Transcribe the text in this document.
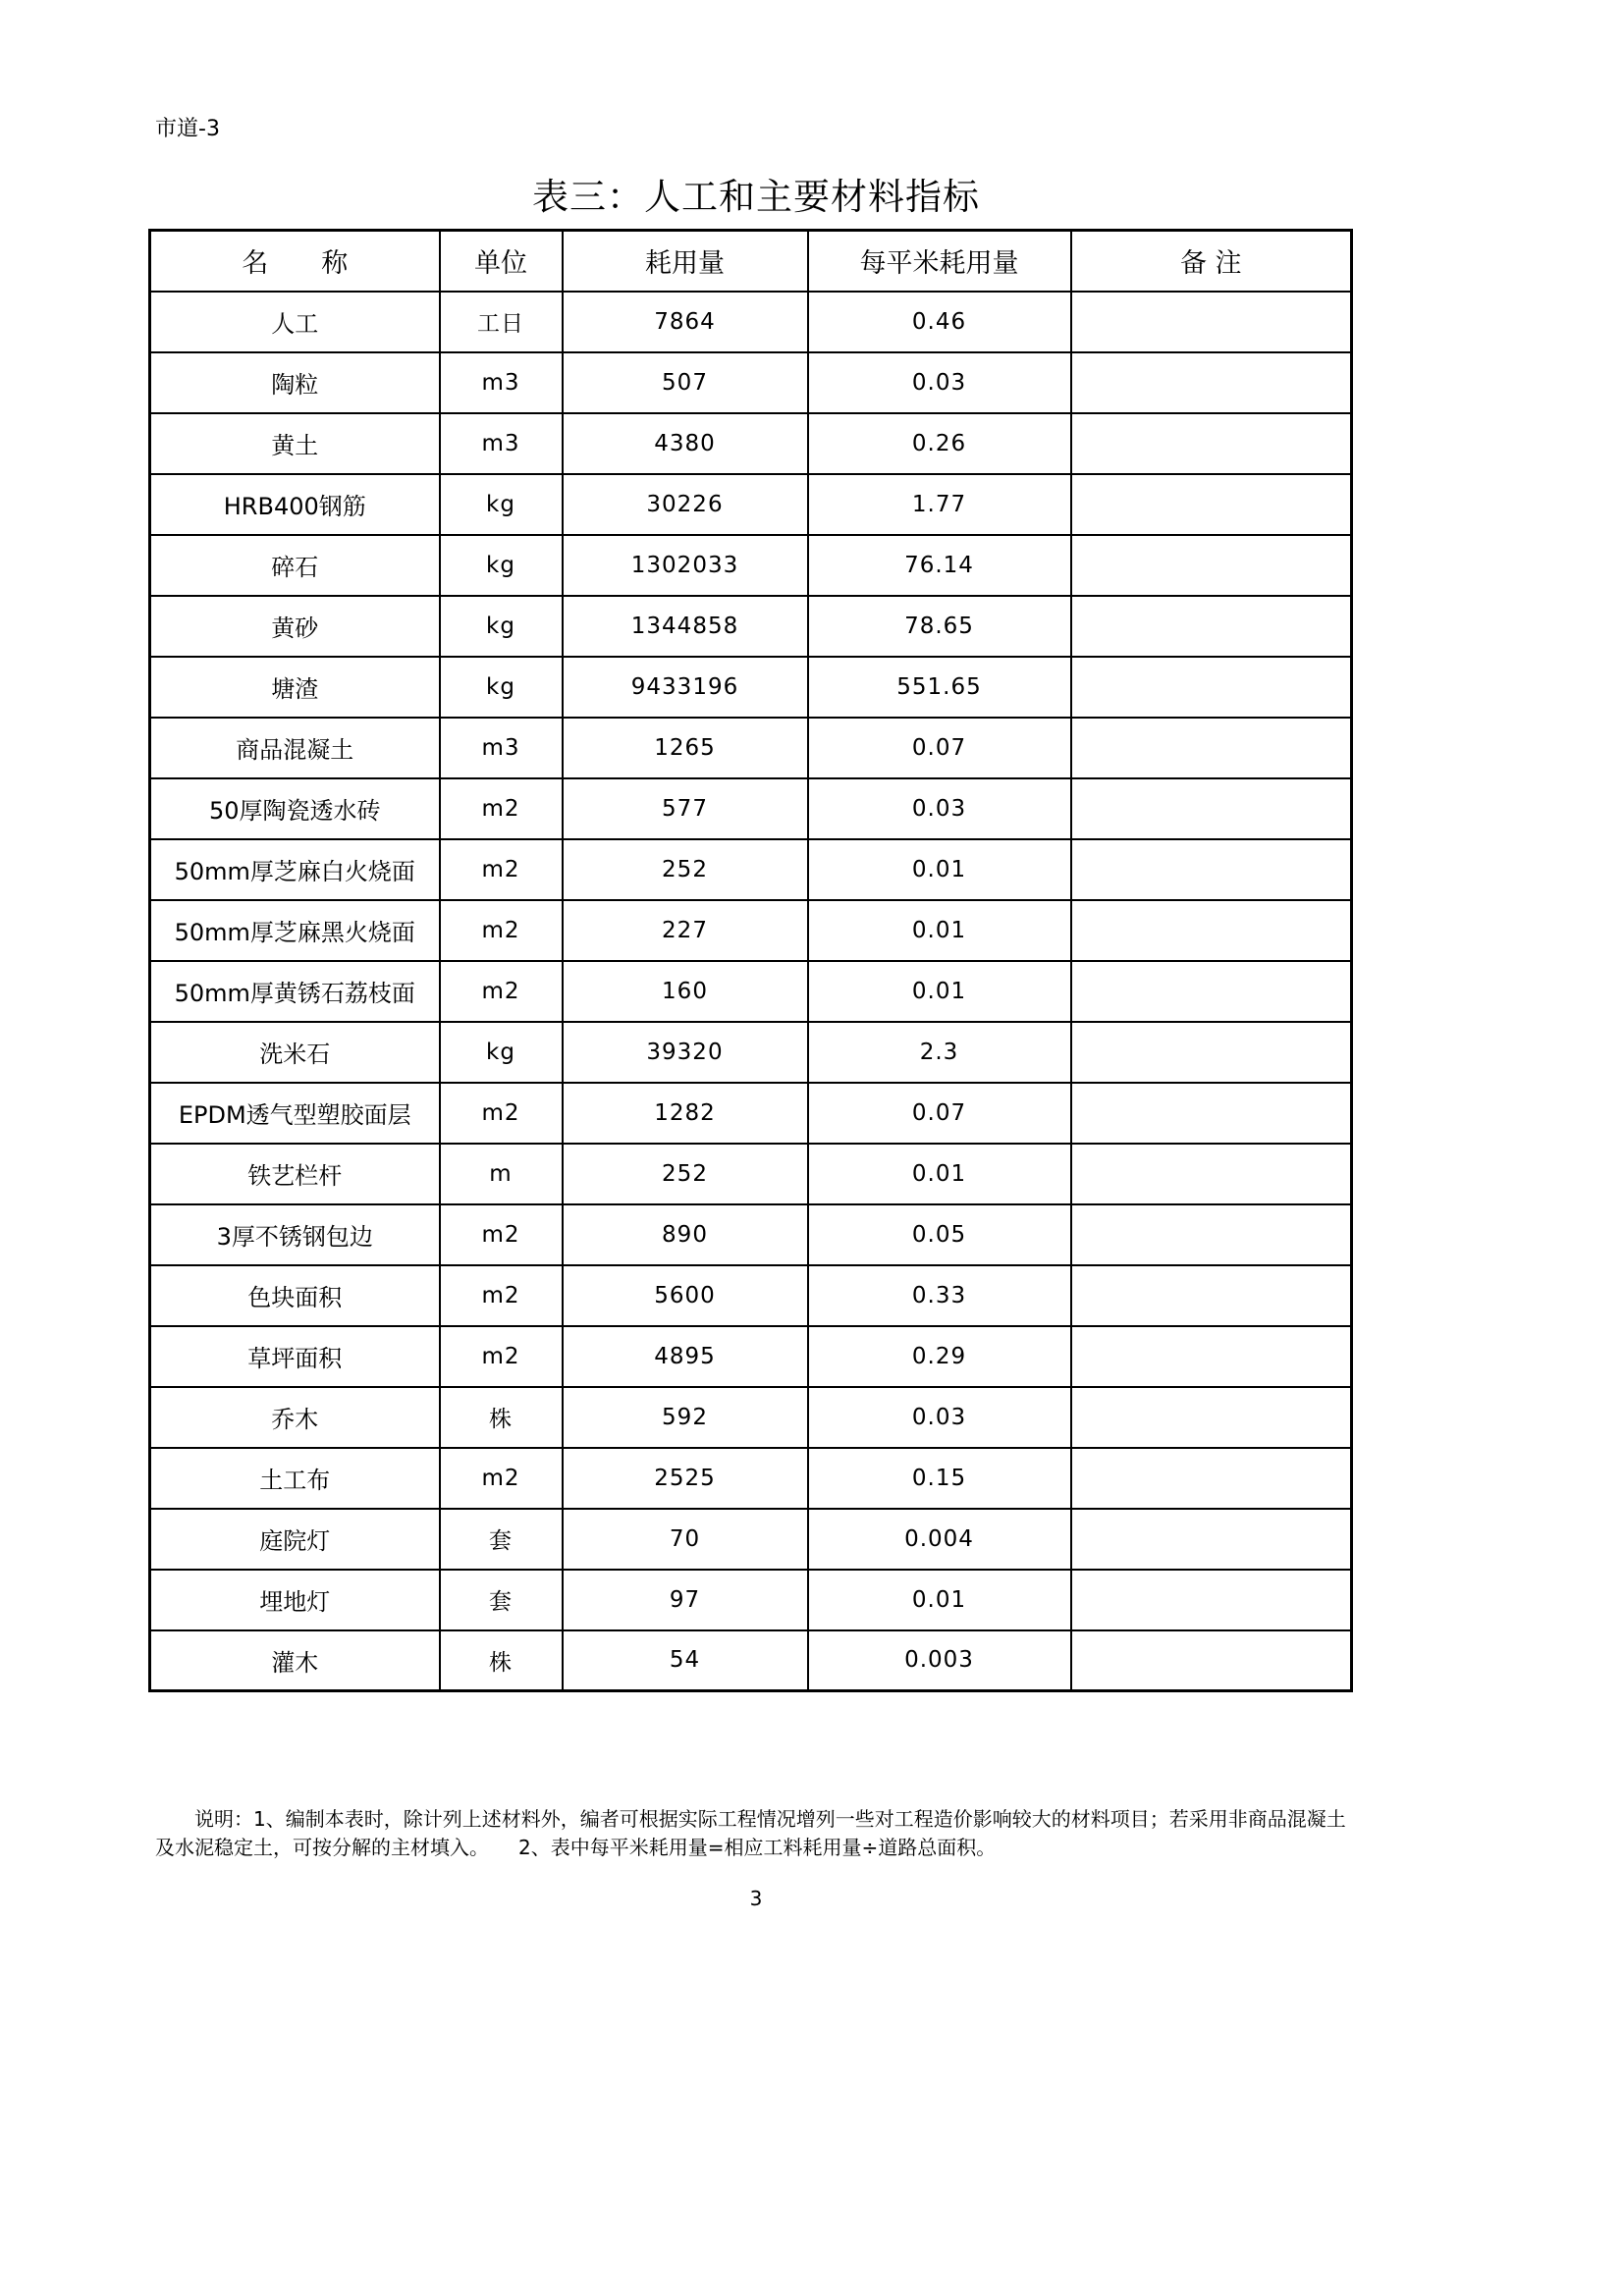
市道-3
表三：人工和主要材料指标
名　　称	单位	耗用量	每平米耗用量	备 注
人工	工日	7864	0.46	
陶粒	m3	507	0.03	
黄土	m3	4380	0.26	
HRB400钢筋	kg	30226	1.77	
碎石	kg	1302033	76.14	
黄砂	kg	1344858	78.65	
塘渣	kg	9433196	551.65	
商品混凝土	m3	1265	0.07	
50厚陶瓷透水砖	m2	577	0.03	
50mm厚芝麻白火烧面	m2	252	0.01	
50mm厚芝麻黑火烧面	m2	227	0.01	
50mm厚黄锈石荔枝面	m2	160	0.01	
洗米石	kg	39320	2.3	
EPDM透气型塑胶面层	m2	1282	0.07	
铁艺栏杆	m	252	0.01	
3厚不锈钢包边	m2	890	0.05	
色块面积	m2	5600	0.33	
草坪面积	m2	4895	0.29	
乔木	株	592	0.03	
土工布	m2	2525	0.15	
庭院灯	套	70	0.004	
埋地灯	套	97	0.01	
灌木	株	54	0.003	
说明：1、编制本表时，除计列上述材料外，编者可根据实际工程情况增列一些对工程造价影响较大的材料项目；若采用非商品混凝土及水泥稳定土，可按分解的主材填入。　　2、表中每平米耗用量=相应工料耗用量÷道路总面积。
3
